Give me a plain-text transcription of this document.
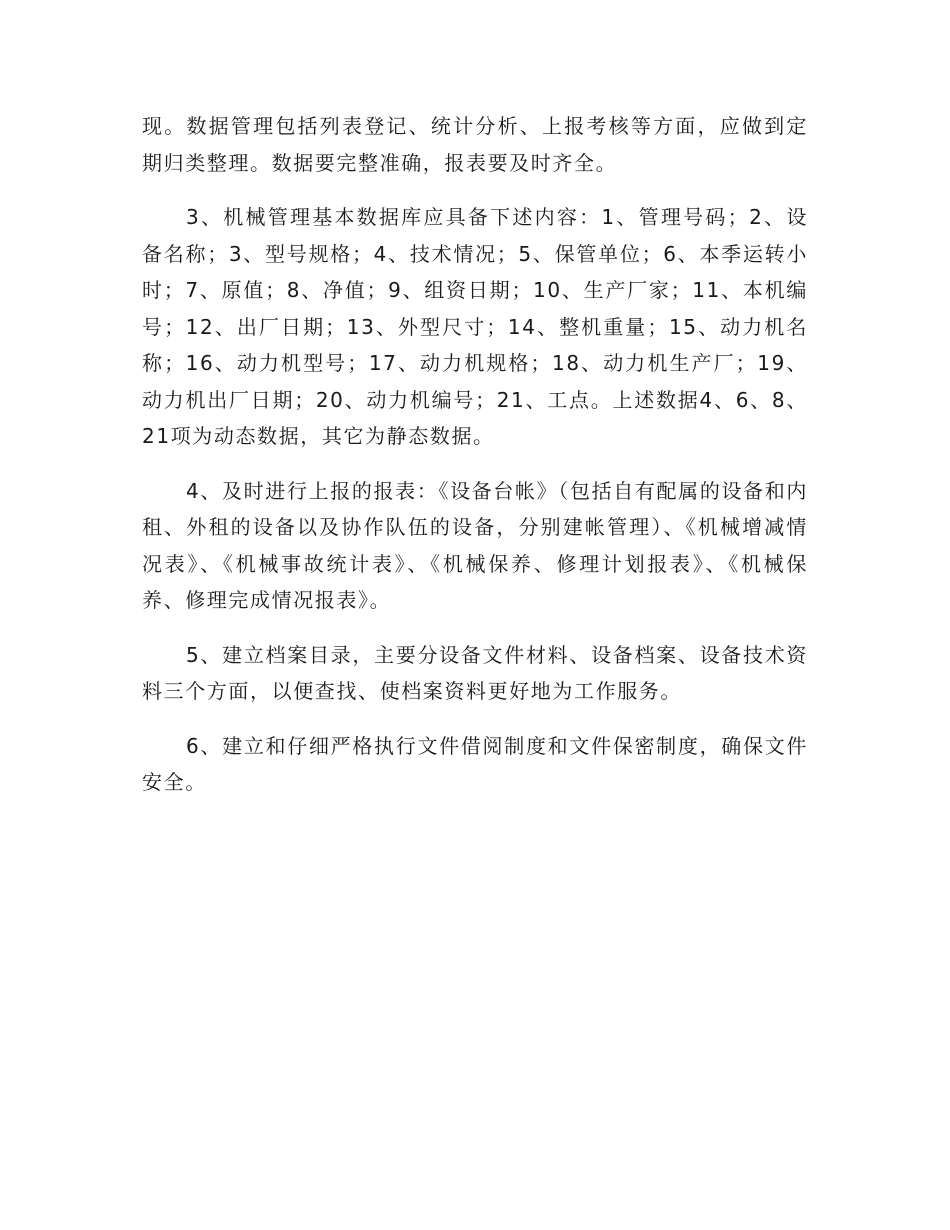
现。数据管理包括列表登记、统计分析、上报考核等方面，应做到定期归类整理。数据要完整准确，报表要及时齐全。

3、机械管理基本数据库应具备下述内容：1、管理号码；2、设备名称；3、型号规格；4、技术情况；5、保管单位；6、本季运转小时；7、原值；8、净值；9、组资日期；10、生产厂家；11、本机编号；12、出厂日期；13、外型尺寸；14、整机重量；15、动力机名称；16、动力机型号；17、动力机规格；18、动力机生产厂；19、动力机出厂日期；20、动力机编号；21、工点。上述数据4、6、8、21项为动态数据，其它为静态数据。

4、及时进行上报的报表：《设备台帐》（包括自有配属的设备和内租、外租的设备以及协作队伍的设备，分别建帐管理）、《机械增减情况表》、《机械事故统计表》、《机械保养、修理计划报表》、《机械保养、修理完成情况报表》。

5、建立档案目录，主要分设备文件材料、设备档案、设备技术资料三个方面，以便查找、使档案资料更好地为工作服务。

6、建立和仔细严格执行文件借阅制度和文件保密制度，确保文件安全。
